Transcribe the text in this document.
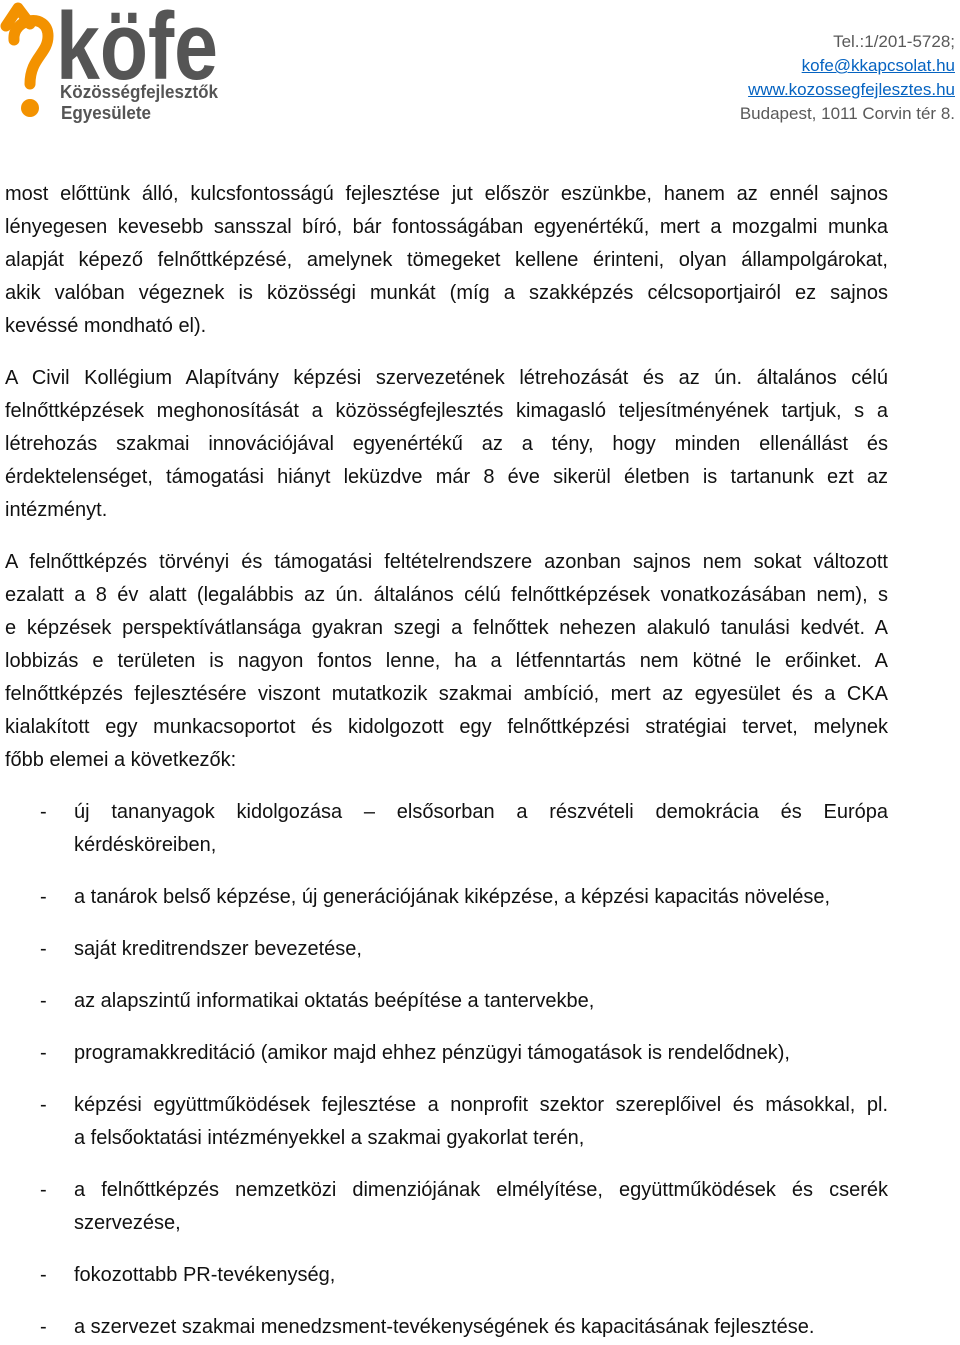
köfe
Közösségfejlesztők
Egyesülete
Tel.:1/201-5728;
kofe@kkapcsolat.hu
www.kozossegfejlesztes.hu
Budapest, 1011 Corvin tér 8.
most előttünk álló, kulcsfontosságú fejlesztése jut először eszünkbe, hanem az ennél sajnos
lényegesen kevesebb sansszal bíró, bár fontosságában egyenértékű, mert a mozgalmi munka
alapját képező felnőttképzésé, amelynek tömegeket kellene érinteni, olyan állampolgárokat,
akik valóban végeznek is közösségi munkát (míg a szakképzés célcsoportjairól ez sajnos
kevéssé mondható el).
A Civil Kollégium Alapítvány képzési szervezetének létrehozását és az ún. általános célú
felnőttképzések meghonosítását a közösségfejlesztés kimagasló teljesítményének tartjuk, s a
létrehozás szakmai innovációjával egyenértékű az a tény, hogy minden ellenállást és
érdektelenséget, támogatási hiányt leküzdve már 8 éve sikerül életben is tartanunk ezt az
intézményt.
A felnőttképzés törvényi és támogatási feltételrendszere azonban sajnos nem sokat változott
ezalatt a 8 év alatt (legalábbis az ún. általános célú felnőttképzések vonatkozásában nem), s
e képzések perspektívátlansága gyakran szegi a felnőttek nehezen alakuló tanulási kedvét. A
lobbizás e területen is nagyon fontos lenne, ha a létfenntartás nem kötné le erőinket. A
felnőttképzés fejlesztésére viszont mutatkozik szakmai ambíció, mert az egyesület és a CKA
kialakított egy munkacsoportot és kidolgozott egy felnőttképzési stratégiai tervet, melynek
főbb elemei a következők:
- új tananyagok kidolgozása – elsősorban a részvételi demokrácia és Európa
kérdésköreiben,
- a tanárok belső képzése, új generációjának kiképzése, a képzési kapacitás növelése,
- saját kreditrendszer bevezetése,
- az alapszintű informatikai oktatás beépítése a tantervekbe,
- programakkreditáció (amikor majd ehhez pénzügyi támogatások is rendelődnek),
- képzési együttműködések fejlesztése a nonprofit szektor szereplőivel és másokkal, pl.
a felsőoktatási intézményekkel a szakmai gyakorlat terén,
- a felnőttképzés nemzetközi dimenziójának elmélyítése, együttműködések és cserék
szervezése,
- fokozottabb PR-tevékenység,
- a szervezet szakmai menedzsment-tevékenységének és kapacitásának fejlesztése.
